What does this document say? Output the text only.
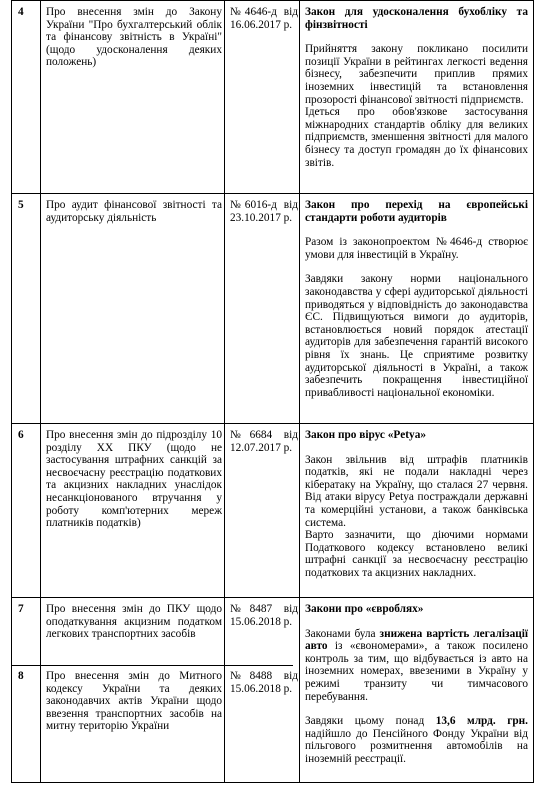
4 Про внесення змін до Закону України "Про бухгалтерський облік та фінансову звітність в Україні" (щодо удосконалення деяких положень)
№4646-д від 16.06.2017 р.

Закон для удосконалення бухобліку та фінзвітності

Прийняття закону покликано посилити позиції України в рейтингах легкості ведення бізнесу, забезпечити приплив прямих іноземних інвестицій та встановлення прозорості фінансової звітності підприємств.

Ідеться про обов'язкове застосування міжнародних стандартів обліку для великих підприємств, зменшення звітності для малого бізнесу та доступ громадян до їх фінансових звітів.

5 Про аудит фінансової звітності та аудиторську діяльність
№6016-д від 23.10.2017 р.

Закон про перехід на європейські стандарти роботи аудиторів

Разом із законопроектом №4646-д створює умови для інвестицій в Україну.

Завдяки закону норми національного законодавства у сфері аудиторської діяльності приводяться у відповідність до законодавства ЄС. Підвищуються вимоги до аудиторів, встановлюється новий порядок атестації аудиторів для забезпечення гарантій високого рівня їх знань. Це сприятиме розвитку аудиторської діяльності в Україні, а також забезпечить покращення інвестиційної привабливості національної економіки.

6 Про внесення змін до підрозділу 10 розділу ХХ ПКУ (щодо не застосування штрафних санкцій за несвоєчасну реєстрацію податкових та акцизних накладних унаслідок несанкціонованого втручання у роботу комп'ютерних мереж платників податків)
№6684 від 12.07.2017 р.

Закон про вірус «Petya»

Закон звільнив від штрафів платників податків, які не подали накладні через кібератаку на Україну, що сталася 27 червня. Від атаки вірусу Petya постраждали державні та комерційні установи, а також банківська система.

Варто зазначити, що діючими нормами Податкового кодексу встановлено великі штрафні санкції за несвоєчасну реєстрацію податкових та акцизних накладних.

7 Про внесення змін до ПКУ щодо оподаткування акцизним податком легкових транспортних засобів
№8487 від 15.06.2018 р.

Закони про «євроблях»

Законами була знижена вартість легалізації авто із «євономерами», а також посилено контроль за тим, що відбувається із авто на іноземних номерах, ввезеними в Україну у режимі транзиту чи тимчасового перебування.

Завдяки цьому понад 13,6 млрд. грн. надійшло до Пенсійного Фонду України від пільгового розмитнення автомобілів на іноземній реєстрації.

8 Про внесення змін до Митного кодексу України та деяких законодавчих актів України щодо ввезення транспортних засобів на митну територію України
№8488 від 15.06.2018 р.
